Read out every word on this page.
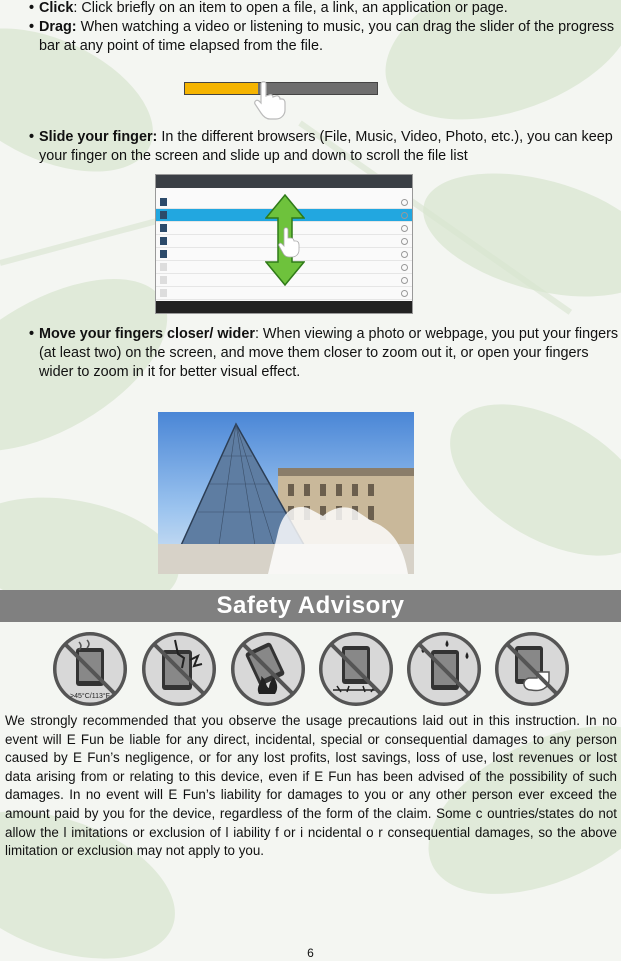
• Click: Click briefly on an item to open a file, a link, an application or page.
• Drag: When watching a video or listening to music, you can drag the slider of the progress bar at any point of time elapsed from the file.
• Slide your finger: In the different browsers (File, Music, Video, Photo, etc.), you can keep your finger on the screen and slide up and down to scroll the file list
• Move your fingers closer/ wider: When viewing a photo or webpage, you put your fingers (at least two) on the screen, and move them closer to zoom out it, or open your fingers wider to zoom in it for better visual effect.
Safety Advisory
>45°C/113°F
We strongly recommended that you observe the usage precautions laid out in this instruction. In no event will E Fun be liable for any direct, incidental, special or consequential damages to any person caused by E Fun’s negligence, or for any lost profits, lost savings, loss of use, lost revenues or lost data arising from or relating to this device, even if E Fun has been advised of the possibility of such damages. In no event will E Fun’s liability for damages to you or any other person ever exceed the amount paid by you for the device, regardless of the form of the claim. Some c ountries/states do not allow the l imitations or exclusion of l iability f or i ncidental o r consequential damages, so the above limitation or exclusion may not apply to you.
6
